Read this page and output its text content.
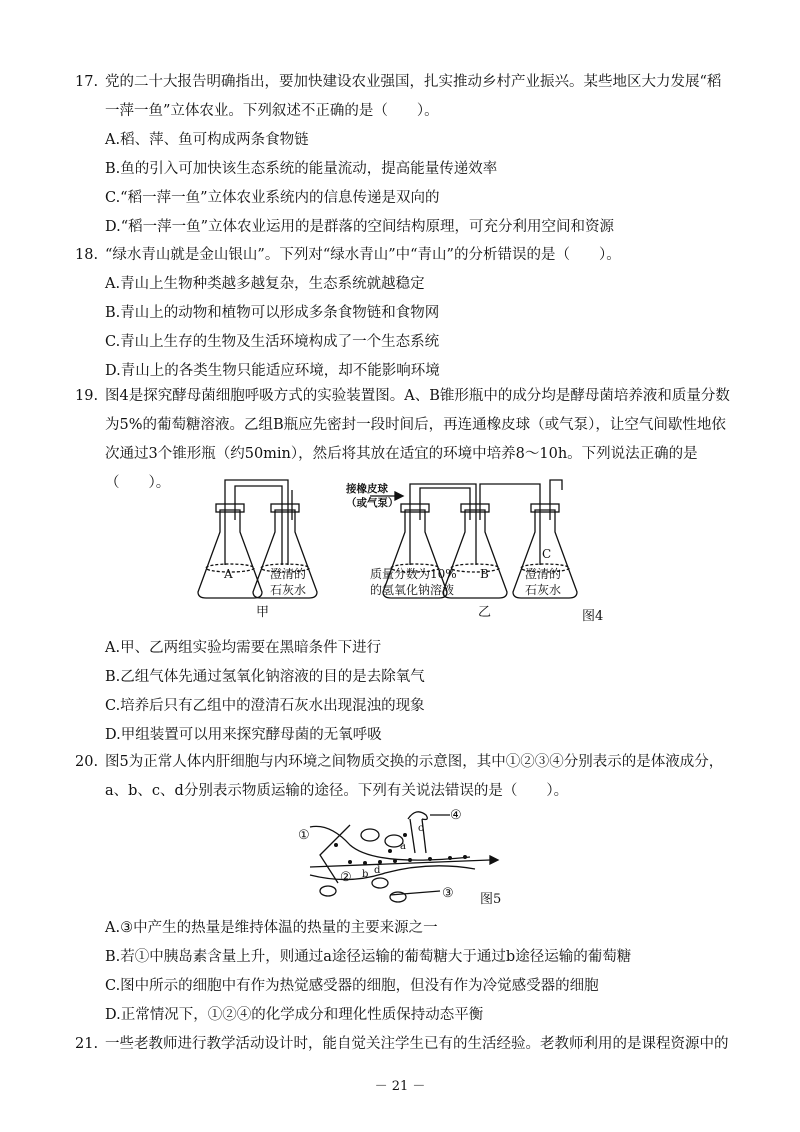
17. 党的二十大报告明确指出，要加快建设农业强国，扎实推动乡村产业振兴。某些地区大力发展“稻一萍一鱼”立体农业。下列叙述不正确的是（　　）。
A.稻、萍、鱼可构成两条食物链
B.鱼的引入可加快该生态系统的能量流动，提高能量传递效率
C.“稻一萍一鱼”立体农业系统内的信息传递是双向的
D.“稻一萍一鱼”立体农业运用的是群落的空间结构原理，可充分利用空间和资源
18. “绿水青山就是金山银山”。下列对“绿水青山”中“青山”的分析错误的是（　　）。
A.青山上生物种类越多越复杂，生态系统就越稳定
B.青山上的动物和植物可以形成多条食物链和食物网
C.青山上生存的生物及生活环境构成了一个生态系统
D.青山上的各类生物只能适应环境，却不能影响环境
19. 图4是探究酵母菌细胞呼吸方式的实验装置图。A、B锥形瓶中的成分均是酵母菌培养液和质量分数为5%的葡萄糖溶液。乙组B瓶应先密封一段时间后，再连通橡皮球（或气泵），让空气间歇性地依次通过3个锥形瓶（约50min），然后将其放在适宜的环境中培养8～10h。下列说法正确的是（　　）。
A	澄清的
石灰水
甲
接橡皮球
（或气泵）
质量分数为10%
的氢氧化钠溶液
B
C
澄清的
石灰水
乙	图4
A.甲、乙两组实验均需要在黑暗条件下进行
B.乙组气体先通过氢氧化钠溶液的目的是去除氧气
C.培养后只有乙组中的澄清石灰水出现混浊的现象
D.甲组装置可以用来探究酵母菌的无氧呼吸
20. 图5为正常人体内肝细胞与内环境之间物质交换的示意图，其中①②③④分别表示的是体液成分，a、b、c、d分别表示物质运输的途径。下列有关说法错误的是（　　）。
①
②
③
④
a
b
c
d
图5
A.③中产生的热量是维持体温的热量的主要来源之一
B.若①中胰岛素含量上升，则通过a途径运输的葡萄糖大于通过b途径运输的葡萄糖
C.图中所示的细胞中有作为热觉感受器的细胞，但没有作为冷觉感受器的细胞
D.正常情况下，①②④的化学成分和理化性质保持动态平衡
21. 一些老教师进行教学活动设计时，能自觉关注学生已有的生活经验。老教师利用的是课程资源中的
－ 21 －
